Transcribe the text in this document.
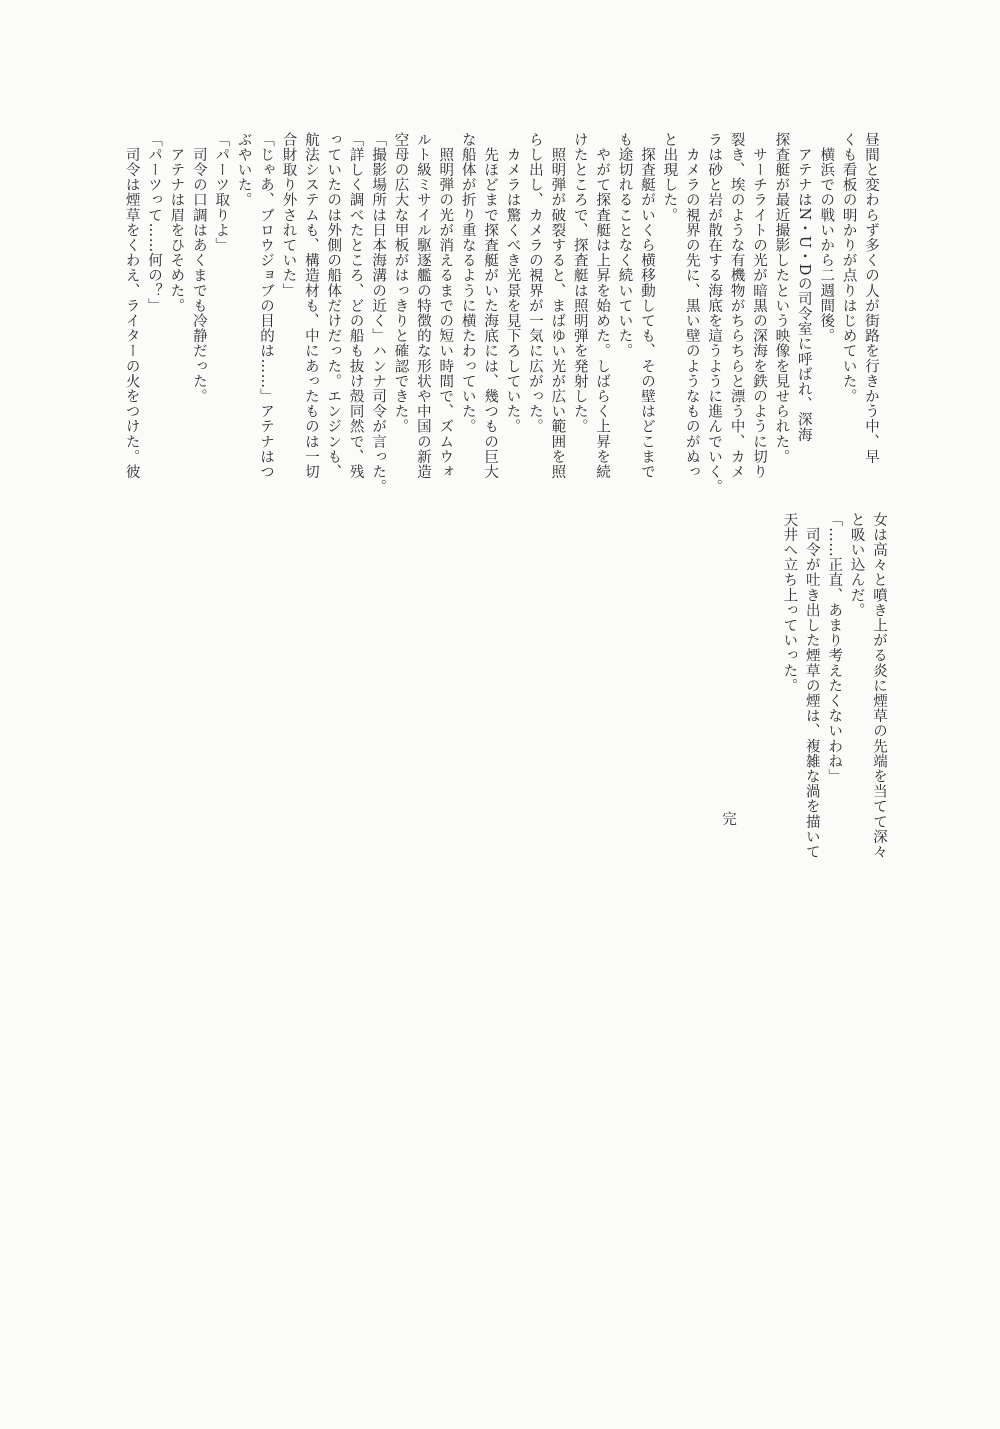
昼間と変わらず多くの人が街路を行きかう中、早

くも看板の明かりが点りはじめていた。

　横浜での戦いから二週間後。

　アテナはN・U・Dの司令室に呼ばれ、深海

探査艇が最近撮影したという映像を見せられた。

　サーチライトの光が暗黒の深海を鉄のように切り

裂き、埃のような有機物がちらちらと漂う中、カメ

ラは砂と岩が散在する海底を這うように進んでいく。

　カメラの視界の先に、黒い壁のようなものがぬっ

と出現した。

　探査艇がいくら横移動しても、その壁はどこまで

も途切れることなく続いていた。

　やがて探査艇は上昇を始めた。しばらく上昇を続

けたところで、探査艇は照明弾を発射した。

　照明弾が破裂すると、まばゆい光が広い範囲を照

らし出し、カメラの視界が一気に広がった。

　カメラは驚くべき光景を見下ろしていた。

　先ほどまで探査艇がいた海底には、幾つもの巨大

な船体が折り重なるように横たわっていた。

　照明弾の光が消えるまでの短い時間で、ズムウォ

ルト級ミサイル駆逐艦の特徴的な形状や中国の新造

空母の広大な甲板がはっきりと確認できた。

「撮影場所は日本海溝の近く」ハンナ司令が言った。

「詳しく調べたところ、どの船も抜け殻同然で、残

っていたのは外側の船体だけだった。エンジンも、

航法システムも、構造材も、中にあったものは一切

合財取り外されていた」

「じゃあ、ブロウジョブの目的は……」アテナはつ

ぶやいた。

「パーツ取りよ」

　司令の口調はあくまでも冷静だった。

　アテナは眉をひそめた。

「パーツって……何の？」

　司令は煙草をくわえ、ライターの火をつけた。彼

女は高々と噴き上がる炎に煙草の先端を当てて深々

と吸い込んだ。

「……正直、あまり考えたくないわね」

　司令が吐き出した煙草の煙は、複雑な渦を描いて

天井へ立ち上っていった。

完
